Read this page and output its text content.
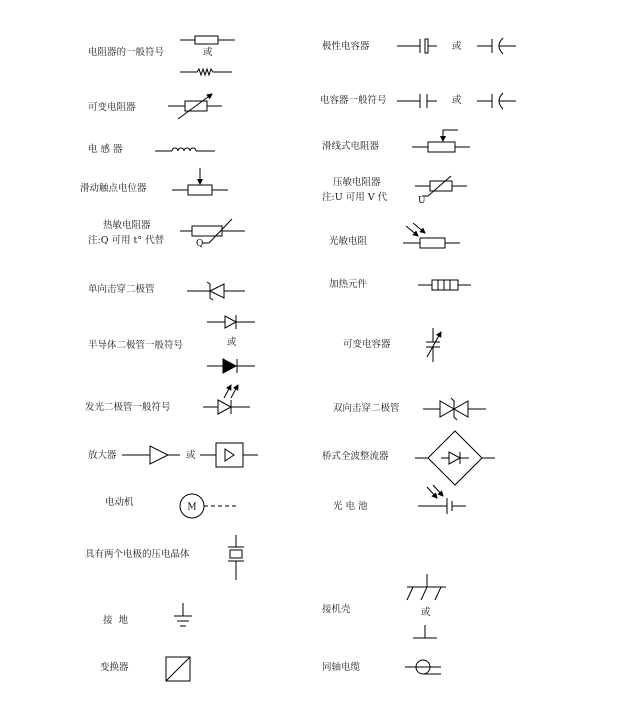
Q
M
U
电阻器的一般符号	或
可变电阻器
电 感 器
滑动触点电位器
热敏电阻器
注:Q 可用 t° 代替
单向击穿二极管
半导体二极管一般符号	或
发光二极管一般符号
放大器	或
电动机
具有两个电极的压电晶体
接  地
变换器
极性电容器	或
电容器一般符号	或
滑线式电阻器
压敏电阻器
注:U 可用 V 代
光敏电阻
加热元件
可变电容器
双向击穿二极管
桥式全波整流器
光 电 池
接机壳	或
同轴电缆
